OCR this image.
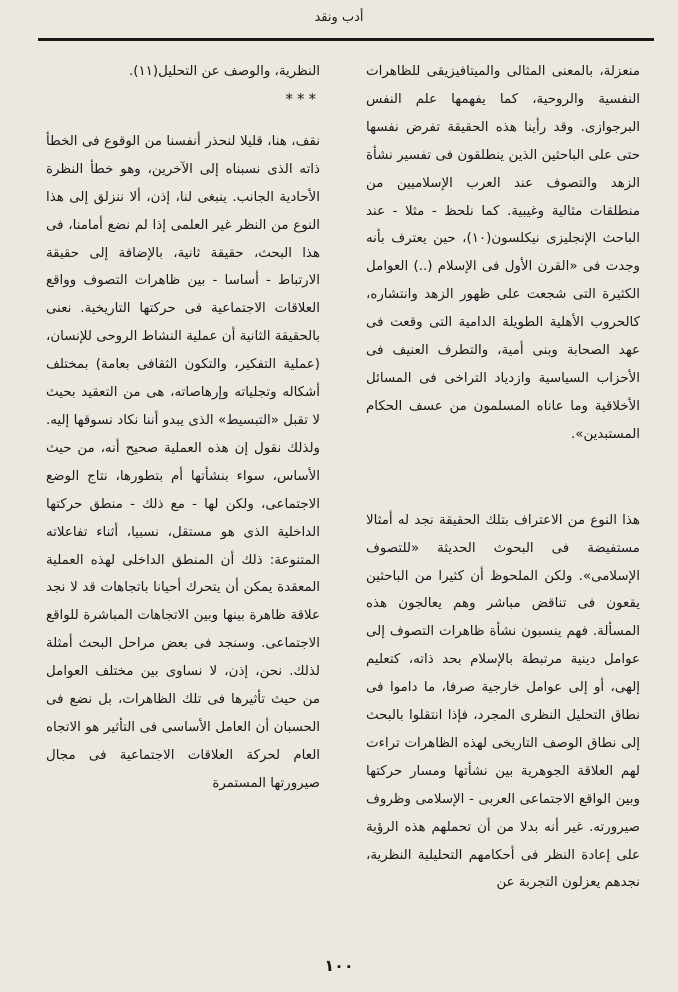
أدب ونقد

منعزلة، بالمعنى المثالى والميتافيزيقى للظاهرات النفسية والروحية، كما يفهمها علم النفس البرجوازى. وقد رأينا هذه الحقيقة تفرض نفسها حتى على الباحثين الذين ينطلقون فى تفسير نشأة الزهد والتصوف عند العرب الإسلاميين من منطلقات مثالية وغيبية. كما نلحظ - مثلا - عند الباحث الإنجليزى نيكلسون(١٠)، حين يعترف بأنه وجدت فى «القرن الأول فى الإسلام (..) العوامل الكثيرة التى شجعت على ظهور الزهد وانتشاره، كالحروب الأهلية الطويلة الدامية التى وقعت فى عهد الصحابة وبنى أمية، والتطرف العنيف فى الأحزاب السياسية وازدياد التراخى فى المسائل الأخلاقية وما عاناه المسلمون من عسف الحكام المستبدين».

هذا النوع من الاعتراف بتلك الحقيقة نجد له أمثالا مستفيضة فى البحوث الحديثة «للتصوف الإسلامى». ولكن الملحوظ أن كثيرا من الباحثين يقعون فى تناقض مباشر وهم يعالجون هذه المسألة. فهم ينسبون نشأة ظاهرات التصوف إلى عوامل دينية مرتبطة بالإسلام بحد ذاته، كتعليم إلهى، أو إلى عوامل خارجية صرفا، ما داموا فى نطاق التحليل النظرى المجرد، فإذا انتقلوا بالبحث إلى نطاق الوصف التاريخى لهذه الظاهرات تراءت لهم العلاقة الجوهرية بين نشأتها ومسار حركتها وبين الواقع الاجتماعى العربى - الإسلامى وظروف صيرورته. غير أنه بدلا من أن تحملهم هذه الرؤية على إعادة النظر فى أحكامهم التحليلية النظرية، نجدهم يعزلون التجربة عن

النظرية، والوصف عن التحليل(١١).

***

نقف، هنا، قليلا لنحذر أنفسنا من الوقوع فى الخطأ ذاته الذى نسبناه إلى الآخرين، وهو خطأ النظرة الأحادية الجانب. ينبغى لنا، إذن، ألا ننزلق إلى هذا النوع من النظر غير العلمى إذا لم نضع أمامنا، فى هذا البحث، حقيقة ثانية، بالإضافة إلى حقيقة الارتباط - أساسا - بين ظاهرات التصوف وواقع العلاقات الاجتماعية فى حركتها التاريخية. نعنى بالحقيقة الثانية أن عملية النشاط الروحى للإنسان، (عملية التفكير، والتكون الثقافى بعامة) بمختلف أشكاله وتجلياته وإرهاصاته، هى من التعقيد بحيث لا تقبل «التبسيط» الذى يبدو أننا نكاد نسوقها إليه. ولذلك نقول إن هذه العملية صحيح أنه، من حيث الأساس، سواء بنشأتها أم بتطورها، نتاج الوضع الاجتماعى، ولكن لها - مع ذلك - منطق حركتها الداخلية الذى هو مستقل، نسبيا، أثناء تفاعلاته المتنوعة: ذلك أن المنطق الداخلى لهذه العملية المعقدة يمكن أن يتحرك أحيانا باتجاهات قد لا نجد علاقة ظاهرة بينها وبين الاتجاهات المباشرة للواقع الاجتماعى. وسنجد فى بعض مراحل البحث أمثلة لذلك. نحن، إذن، لا نساوى بين مختلف العوامل من حيث تأثيرها فى تلك الظاهرات، بل نضع فى الحسبان أن العامل الأساسى فى التأثير هو الاتجاه العام لحركة العلاقات الاجتماعية فى مجال صيرورتها المستمرة

١٠٠
